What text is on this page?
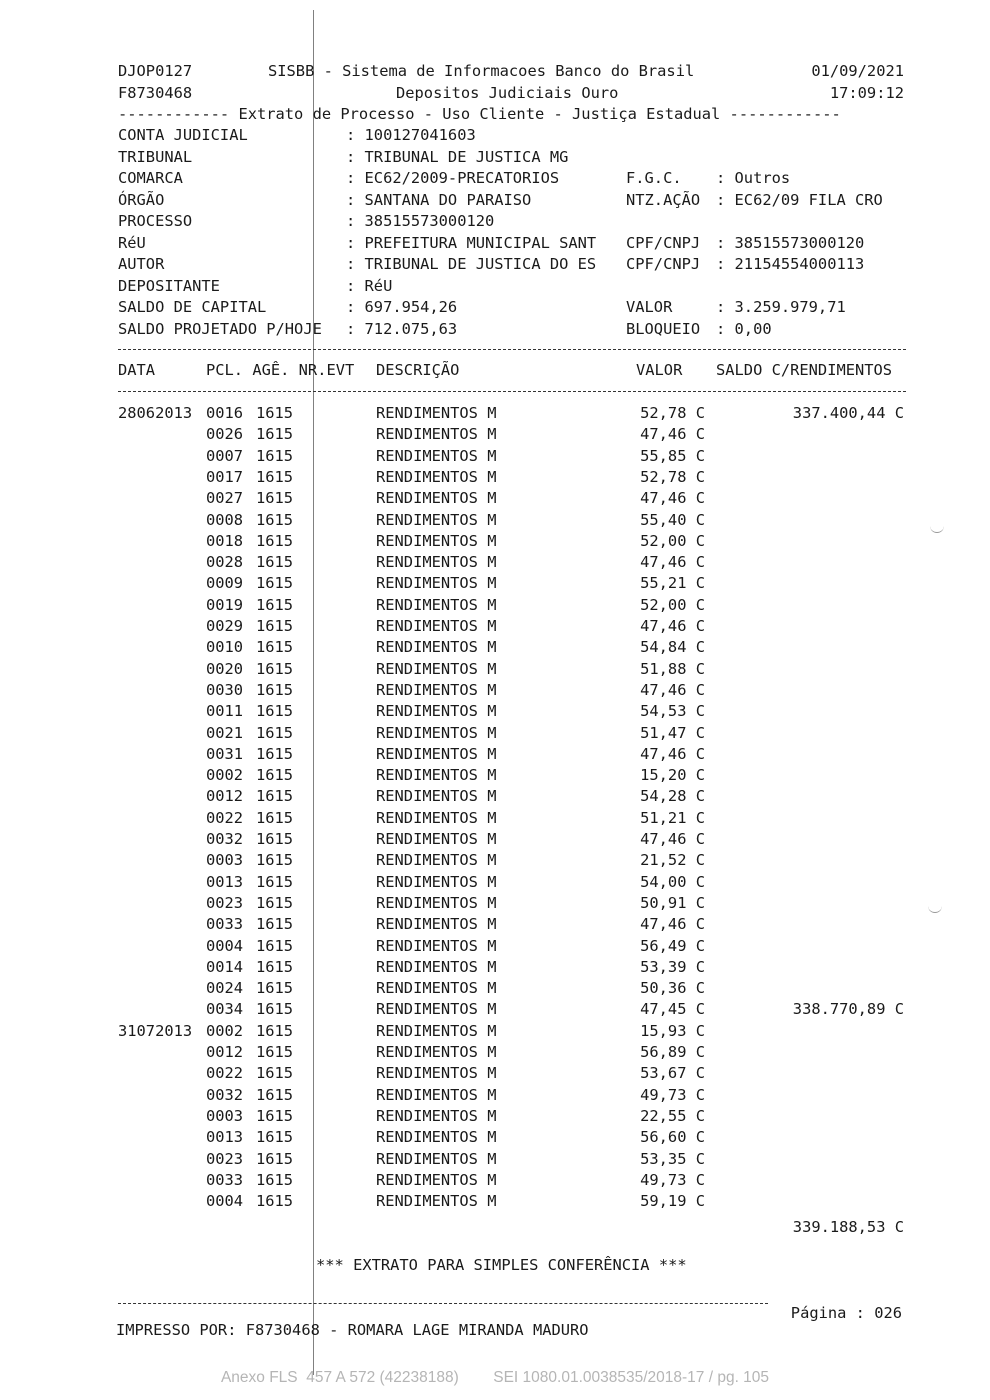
DJOP0127
F8730468
SISBB - Sistema de Informacoes Banco do Brasil
Depositos Judiciais Ouro
01/09/2021
17:09:12
------------ Extrato de Processo - Uso Cliente - Justiça Estadual ------------
CONTA JUDICIAL	: 100127041603
TRIBUNAL	: TRIBUNAL DE JUSTICA MG
COMARCA	: EC62/2009-PRECATORIOS	F.G.C. : Outros
ÓRGÃO	: SANTANA DO PARAISO	NTZ.AÇÃO : EC62/09 FILA CRO
PROCESSO	: 38515573000120
RéU	: PREFEITURA MUNICIPAL SANT CPF/CNPJ : 38515573000120
AUTOR	: TRIBUNAL DE JUSTICA DO ES CPF/CNPJ : 21154554000113
DEPOSITANTE	: RéU
SALDO DE CAPITAL	: 697.954,26	VALOR	: 3.259.979,71
SALDO PROJETADO P/HOJE : 712.075,63	BLOQUEIO : 0,00
DATA	PCL. AGÊ. NR.EVT DESCRIÇÃO	VALOR SALDO C/RENDIMENTOS
28062013 0016 1615	RENDIMENTOS M	52,78 C	337.400,44 C
0026 1615	RENDIMENTOS M	47,46 C
0007 1615	RENDIMENTOS M	55,85 C
0017 1615	RENDIMENTOS M	52,78 C
0027 1615	RENDIMENTOS M	47,46 C
0008 1615	RENDIMENTOS M	55,40 C
0018 1615	RENDIMENTOS M	52,00 C
0028 1615	RENDIMENTOS M	47,46 C
0009 1615	RENDIMENTOS M	55,21 C
0019 1615	RENDIMENTOS M	52,00 C
0029 1615	RENDIMENTOS M	47,46 C
0010 1615	RENDIMENTOS M	54,84 C
0020 1615	RENDIMENTOS M	51,88 C
0030 1615	RENDIMENTOS M	47,46 C
0011 1615	RENDIMENTOS M	54,53 C
0021 1615	RENDIMENTOS M	51,47 C
0031 1615	RENDIMENTOS M	47,46 C
0002 1615	RENDIMENTOS M	15,20 C
0012 1615	RENDIMENTOS M	54,28 C
0022 1615	RENDIMENTOS M	51,21 C
0032 1615	RENDIMENTOS M	47,46 C
0003 1615	RENDIMENTOS M	21,52 C
0013 1615	RENDIMENTOS M	54,00 C
0023 1615	RENDIMENTOS M	50,91 C
0033 1615	RENDIMENTOS M	47,46 C
0004 1615	RENDIMENTOS M	56,49 C
0014 1615	RENDIMENTOS M	53,39 C
0024 1615	RENDIMENTOS M	50,36 C
0034 1615	RENDIMENTOS M	47,45 C	338.770,89 C
31072013 0002 1615	RENDIMENTOS M	15,93 C
0012 1615	RENDIMENTOS M	56,89 C
0022 1615	RENDIMENTOS M	53,67 C
0032 1615	RENDIMENTOS M	49,73 C
0003 1615	RENDIMENTOS M	22,55 C
0013 1615	RENDIMENTOS M	56,60 C
0023 1615	RENDIMENTOS M	53,35 C
0033 1615	RENDIMENTOS M	49,73 C
0004 1615	RENDIMENTOS M	59,19 C
339.188,53 C
*** EXTRATO PARA SIMPLES CONFERÊNCIA ***
Página : 026
IMPRESSO POR: F8730468 - ROMARA LAGE MIRANDA MADURO
Anexo FLS  457 A 572 (42238188)        SEI 1080.01.0038535/2018-17 / pg. 105
